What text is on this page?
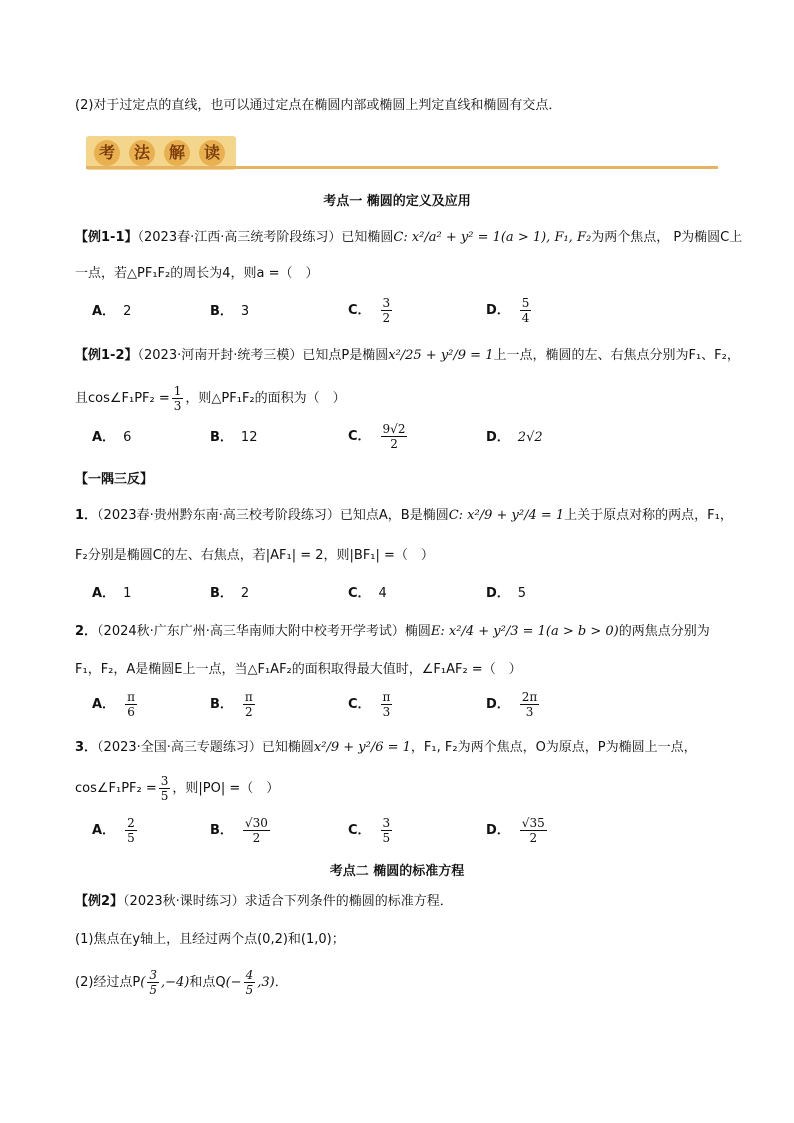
(2)对于过定点的直线，也可以通过定点在椭圆内部或椭圆上判定直线和椭圆有交点．
考	法	解	读
考点一 椭圆的定义及应用
【例1-1】（2023春·江西·高三统考阶段练习）已知椭圆C: x²/a² + y² = 1(a > 1), F₁, F₂为两个焦点， P为椭圆C上
一点，若△PF₁F₂的周长为4，则a =（　）
A． 2	B． 3	C． $\frac{3}{2}$	D． $\frac{5}{4}$
【例1-2】（2023·河南开封·统考三模）已知点P是椭圆x²/25 + y²/9 = 1上一点，椭圆的左、右焦点分别为F₁、F₂，
且cos∠F₁PF₂ = $\frac{1}{3}$ ，则△PF₁F₂的面积为（　）
A． 6	B． 12	C． $\frac{9√2}{2}$	D． 2√2
【一隅三反】
1．（2023春·贵州黔东南·高三校考阶段练习）已知点A，B是椭圆C: x²/9 + y²/4 = 1上关于原点对称的两点，F₁，
F₂分别是椭圆C的左、右焦点，若|AF₁| = 2，则|BF₁| =（　）
A． 1	B． 2	C． 4	D． 5
2．（2024秋·广东广州·高三华南师大附中校考开学考试）椭圆E: x²/4 + y²/3 = 1(a > b > 0)的两焦点分别为
F₁，F₂，A是椭圆E上一点，当△F₁AF₂的面积取得最大值时，∠F₁AF₂ =（　）
A． $\frac{\pi}{6}$	B． $\frac{\pi}{2}$	C． $\frac{\pi}{3}$	D． $\frac{2\pi}{3}$
3．（2023·全国·高三专题练习）已知椭圆x²/9 + y²/6 = 1，F₁, F₂为两个焦点，O为原点，P为椭圆上一点，
cos∠F₁PF₂ = $\frac{3}{5}$ ，则|PO| =（　）
A． $\frac{2}{5}$	B． $\frac{√30}{2}$	C． $\frac{3}{5}$	D． $\frac{√35}{2}$
考点二 椭圆的标准方程
【例2】（2023秋·课时练习）求适合下列条件的椭圆的标准方程．
(1)焦点在y轴上，且经过两个点(0,2)和(1,0)；
(2)经过点$P( \frac{3}{5} ,-4)$和点$Q(- \frac{4}{5} ,3)$．
